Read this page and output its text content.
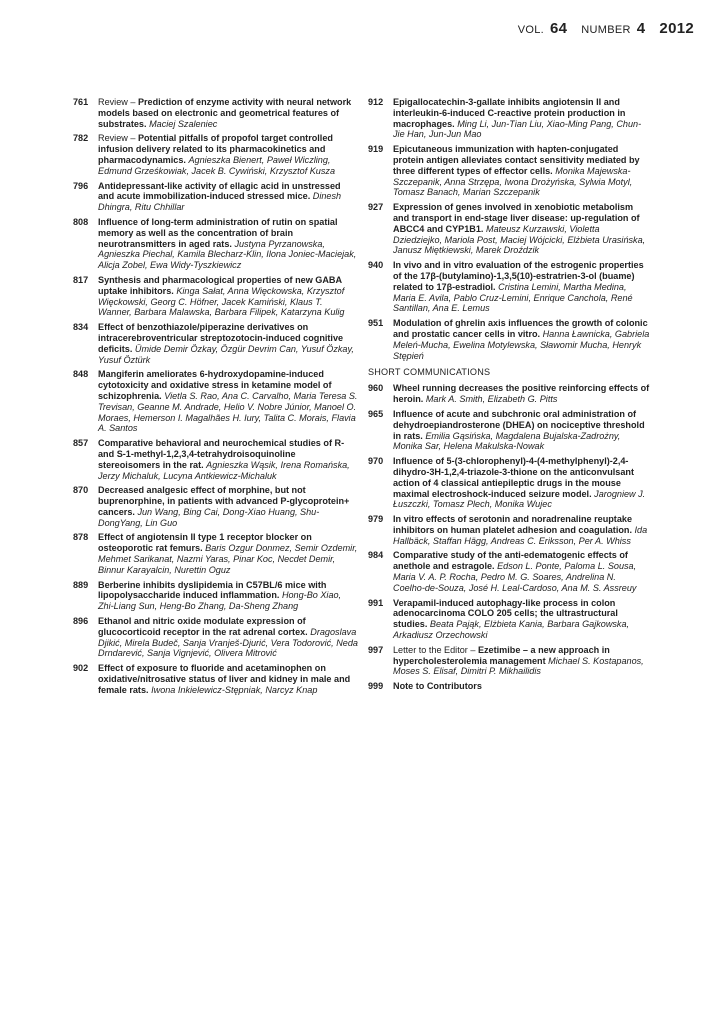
VOL. 64 NUMBER 4 2012
761	Review – Prediction of enzyme activity with neural network models based on electronic and geometrical features of substrates. Maciej Szaleniec
782	Review – Potential pitfalls of propofol target controlled infusion delivery related to its pharmacokinetics and pharmacodynamics. Agnieszka Bienert, Paweł Wiczling, Edmund Grześkowiak, Jacek B. Cywiński, Krzysztof Kusza
796	Antidepressant-like activity of ellagic acid in unstressed and acute immobilization-induced stressed mice. Dinesh Dhingra, Ritu Chhillar
808	Influence of long-term administration of rutin on spatial memory as well as the concentration of brain neurotransmitters in aged rats. Justyna Pyrzanowska, Agnieszka Piechal, Kamila Blecharz-Klin, Ilona Joniec-Maciejak, Alicja Zobel, Ewa Widy-Tyszkiewicz
817	Synthesis and pharmacological properties of new GABA uptake inhibitors. Kinga Sałat, Anna Więckowska, Krzysztof Więckowski, Georg C. Höfner, Jacek Kamiński, Klaus T. Wanner, Barbara Malawska, Barbara Filipek, Katarzyna Kulig
834	Effect of benzothiazole/piperazine derivatives on intracerebroventricular streptozotocin-induced cognitive deficits. Ümide Demir Özkay, Özgür Devrim Can, Yusuf Özkay, Yusuf Öztürk
848	Mangiferin ameliorates 6-hydroxydopamine-induced cytotoxicity and oxidative stress in ketamine model of schizophrenia. Vietla S. Rao, Ana C. Carvalho, Maria Teresa S. Trevisan, Geanne M. Andrade, Helio V. Nobre Júnior, Manoel O. Moraes, Hemerson I. Magalhães H. Iury, Talita C. Morais, Flavia A. Santos
857	Comparative behavioral and neurochemical studies of R- and S-1-methyl-1,2,3,4-tetrahydroisoquinoline stereoisomers in the rat. Agnieszka Wąsik, Irena Romańska, Jerzy Michaluk, Lucyna Antkiewicz-Michaluk
870	Decreased analgesic effect of morphine, but not buprenorphine, in patients with advanced P-glycoprotein+ cancers. Jun Wang, Bing Cai, Dong-Xiao Huang, Shu-DongYang, Lin Guo
878	Effect of angiotensin II type 1 receptor blocker on osteoporotic rat femurs. Baris Ozgur Donmez, Semir Ozdemir, Mehmet Sarikanat, Nazmi Yaras, Pinar Koc, Necdet Demir, Binnur Karayalcin, Nurettin Oguz
889	Berberine inhibits dyslipidemia in C57BL/6 mice with lipopolysaccharide induced inflammation. Hong-Bo Xiao, Zhi-Liang Sun, Heng-Bo Zhang, Da-Sheng Zhang
896	Ethanol and nitric oxide modulate expression of glucocorticoid receptor in the rat adrenal cortex. Dragoslava Djikić, Mirela Budeč, Sanja Vranješ-Djurić, Vera Todorović, Neda Drndarević, Sanja Vignjević, Olivera Mitrović
902	Effect of exposure to fluoride and acetaminophen on oxidative/nitrosative status of liver and kidney in male and female rats. Iwona Inkielewicz-Stępniak, Narcyz Knap
912	Epigallocatechin-3-gallate inhibits angiotensin II and interleukin-6-induced C-reactive protein production in macrophages. Ming Li, Jun-Tian Liu, Xiao-Ming Pang, Chun-Jie Han, Jun-Jun Mao
919	Epicutaneous immunization with hapten-conjugated protein antigen alleviates contact sensitivity mediated by three different types of effector cells. Monika Majewska-Szczepanik, Anna Strzępa, Iwona Drożyńska, Sylwia Motyl, Tomasz Banach, Marian Szczepanik
927	Expression of genes involved in xenobiotic metabolism and transport in end-stage liver disease: up-regulation of ABCC4 and CYP1B1. Mateusz Kurzawski, Violetta Dziedziejko, Mariola Post, Maciej Wójcicki, Elżbieta Urasińska, Janusz Miętkiewski, Marek Droździk
940	In vivo and in vitro evaluation of the estrogenic properties of the 17β-(butylamino)-1,3,5(10)-estratrien-3-ol (buame) related to 17β-estradiol. Cristina Lemini, Martha Medina, Maria E. Avila, Pablo Cruz-Lemini, Enrique Canchola, René Santillan, Ana E. Lemus
951	Modulation of ghrelin axis influences the growth of colonic and prostatic cancer cells in vitro. Hanna Ławnicka, Gabriela Meleń-Mucha, Ewelina Motylewska, Sławomir Mucha, Henryk Stępień
SHORT COMMUNICATIONS
960	Wheel running decreases the positive reinforcing effects of heroin. Mark A. Smith, Elizabeth G. Pitts
965	Influence of acute and subchronic oral administration of dehydroepiandrosterone (DHEA) on nociceptive threshold in rats. Emilia Gąsińska, Magdalena Bujalska-Zadrożny, Monika Sar, Helena Makulska-Nowak
970	Influence of 5-(3-chlorophenyl)-4-(4-methylphenyl)-2,4-dihydro-3H-1,2,4-triazole-3-thione on the anticonvulsant action of 4 classical antiepileptic drugs in the mouse maximal electroshock-induced seizure model. Jarogniew J. Łuszczki, Tomasz Plech, Monika Wujec
979	In vitro effects of serotonin and noradrenaline reuptake inhibitors on human platelet adhesion and coagulation. Ida Hallbäck, Staffan Hägg, Andreas C. Eriksson, Per A. Whiss
984	Comparative study of the anti-edematogenic effects of anethole and estragole. Edson L. Ponte, Paloma L. Sousa, Maria V. A. P. Rocha, Pedro M. G. Soares, Andrelina N. Coelho-de-Souza, José H. Leal-Cardoso, Ana M. S. Assreuy
991	Verapamil-induced autophagy-like process in colon adenocarcinoma COLO 205 cells; the ultrastructural studies. Beata Pająk, Elżbieta Kania, Barbara Gajkowska, Arkadiusz Orzechowski
997	Letter to the Editor – Ezetimibe – a new approach in hypercholesterolemia management Michael S. Kostapanos, Moses S. Elisaf, Dimitri P. Mikhailidis
999	Note to Contributors
